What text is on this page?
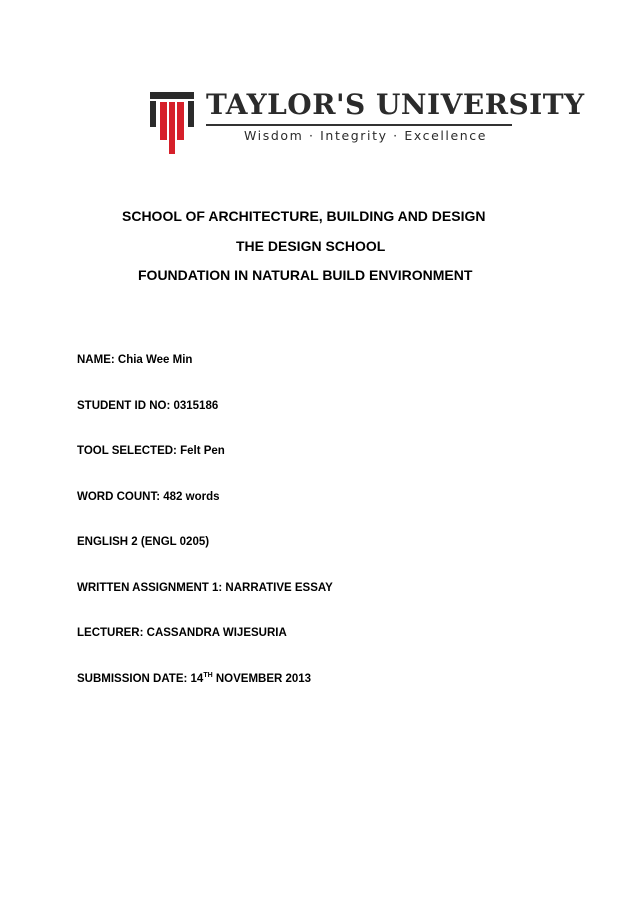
TAYLOR'S UNIVERSITY
Wisdom · Integrity · Excellence
SCHOOL OF ARCHITECTURE, BUILDING AND DESIGN
THE DESIGN SCHOOL
FOUNDATION IN NATURAL BUILD ENVIRONMENT
NAME: Chia Wee Min
STUDENT ID NO: 0315186
TOOL SELECTED: Felt Pen
WORD COUNT: 482 words
ENGLISH 2 (ENGL 0205)
WRITTEN ASSIGNMENT 1: NARRATIVE ESSAY
LECTURER: CASSANDRA WIJESURIA
SUBMISSION DATE: 14TH NOVEMBER 2013
